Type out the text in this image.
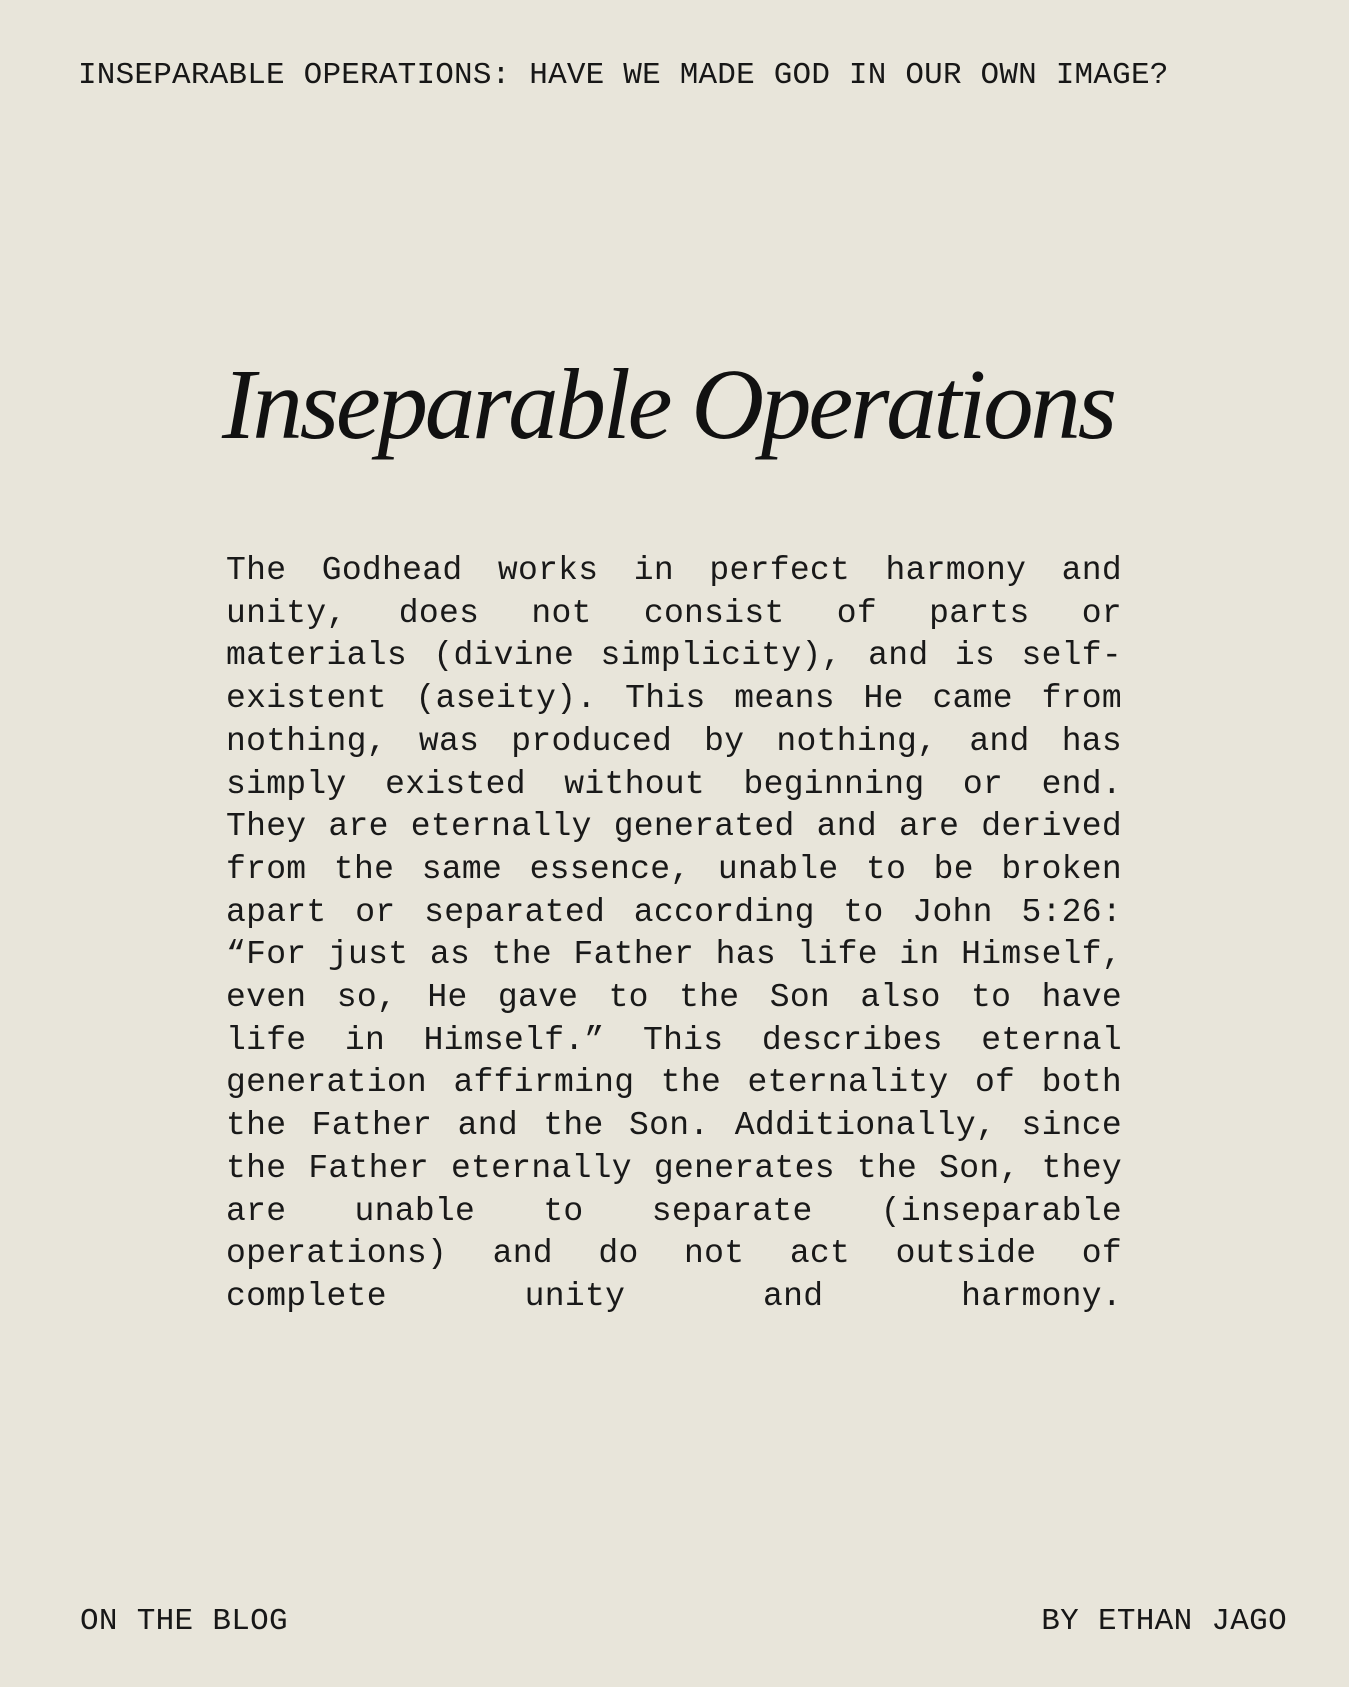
INSEPARABLE OPERATIONS: HAVE WE MADE GOD IN OUR OWN IMAGE?
Inseparable Operations

The Godhead works in perfect harmony and unity, does not consist of parts or materials (divine simplicity), and is self-existent (aseity). This means He came from nothing, was produced by nothing, and has simply existed without beginning or end. They are eternally generated and are derived from the same essence, unable to be broken apart or separated according to John 5:26: “For just as the Father has life in Himself, even so, He gave to the Son also to have life in Himself.” This describes eternal generation affirming the eternality of both the Father and the Son. Additionally, since the Father eternally generates the Son, they are unable to separate (inseparable operations) and do not act outside of complete unity and harmony.

ON THE BLOG	BY ETHAN JAGO
